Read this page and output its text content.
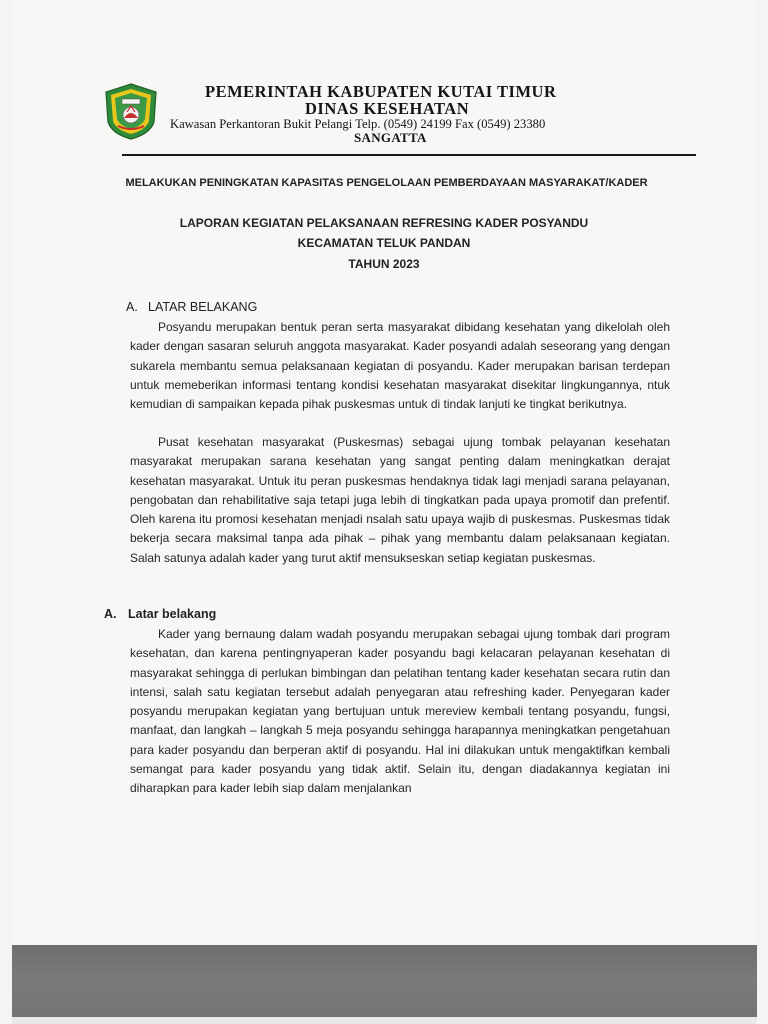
PEMERINTAH KABUPATEN KUTAI TIMUR

DINAS KESEHATAN

Kawasan Perkantoran Bukit Pelangi Telp. (0549) 24199 Fax (0549) 23380

SANGATTA

MELAKUKAN PENINGKATAN KAPASITAS PENGELOLAAN PEMBERDAYAAN MASYARAKAT/KADER

LAPORAN KEGIATAN PELAKSANAAN REFRESING KADER POSYANDU

KECAMATAN TELUK PANDAN

TAHUN 2023

A. LATAR BELAKANG

Posyandu merupakan bentuk peran serta masyarakat dibidang kesehatan yang dikelolah oleh kader dengan sasaran seluruh anggota masyarakat. Kader posyandi adalah seseorang yang dengan sukarela membantu semua pelaksanaan kegiatan di posyandu. Kader merupakan barisan terdepan untuk memeberikan informasi tentang kondisi kesehatan masyarakat disekitar lingkungannya, ntuk kemudian di sampaikan kepada pihak puskesmas untuk di tindak lanjuti ke tingkat berikutnya.

Pusat kesehatan masyarakat (Puskesmas) sebagai ujung tombak pelayanan kesehatan masyarakat merupakan sarana kesehatan yang sangat penting dalam meningkatkan derajat kesehatan masyarakat. Untuk itu peran puskesmas hendaknya tidak lagi menjadi sarana pelayanan, pengobatan dan rehabilitative saja tetapi juga lebih di tingkatkan pada upaya promotif dan prefentif. Oleh karena itu promosi kesehatan menjadi nsalah satu upaya wajib di puskesmas. Puskesmas tidak bekerja secara maksimal tanpa ada pihak – pihak yang membantu dalam pelaksanaan kegiatan. Salah satunya adalah kader yang turut aktif mensukseskan setiap kegiatan puskesmas.

A. Latar belakang

Kader yang bernaung dalam wadah posyandu merupakan sebagai ujung tombak dari program kesehatan, dan karena pentingnyaperan kader posyandu bagi kelacaran pelayanan kesehatan di masyarakat sehingga di perlukan bimbingan dan pelatihan tentang kader kesehatan secara rutin dan intensi, salah satu kegiatan tersebut adalah penyegaran atau refreshing kader. Penyegaran kader posyandu merupakan kegiatan yang bertujuan untuk mereview kembali tentang posyandu, fungsi, manfaat, dan langkah – langkah 5 meja posyandu sehingga harapannya meningkatkan pengetahuan para kader posyandu dan berperan aktif di posyandu. Hal ini dilakukan untuk mengaktifkan kembali semangat para kader posyandu yang tidak aktif. Selain itu, dengan diadakannya kegiatan ini diharapkan para kader lebih siap dalam menjalankan
